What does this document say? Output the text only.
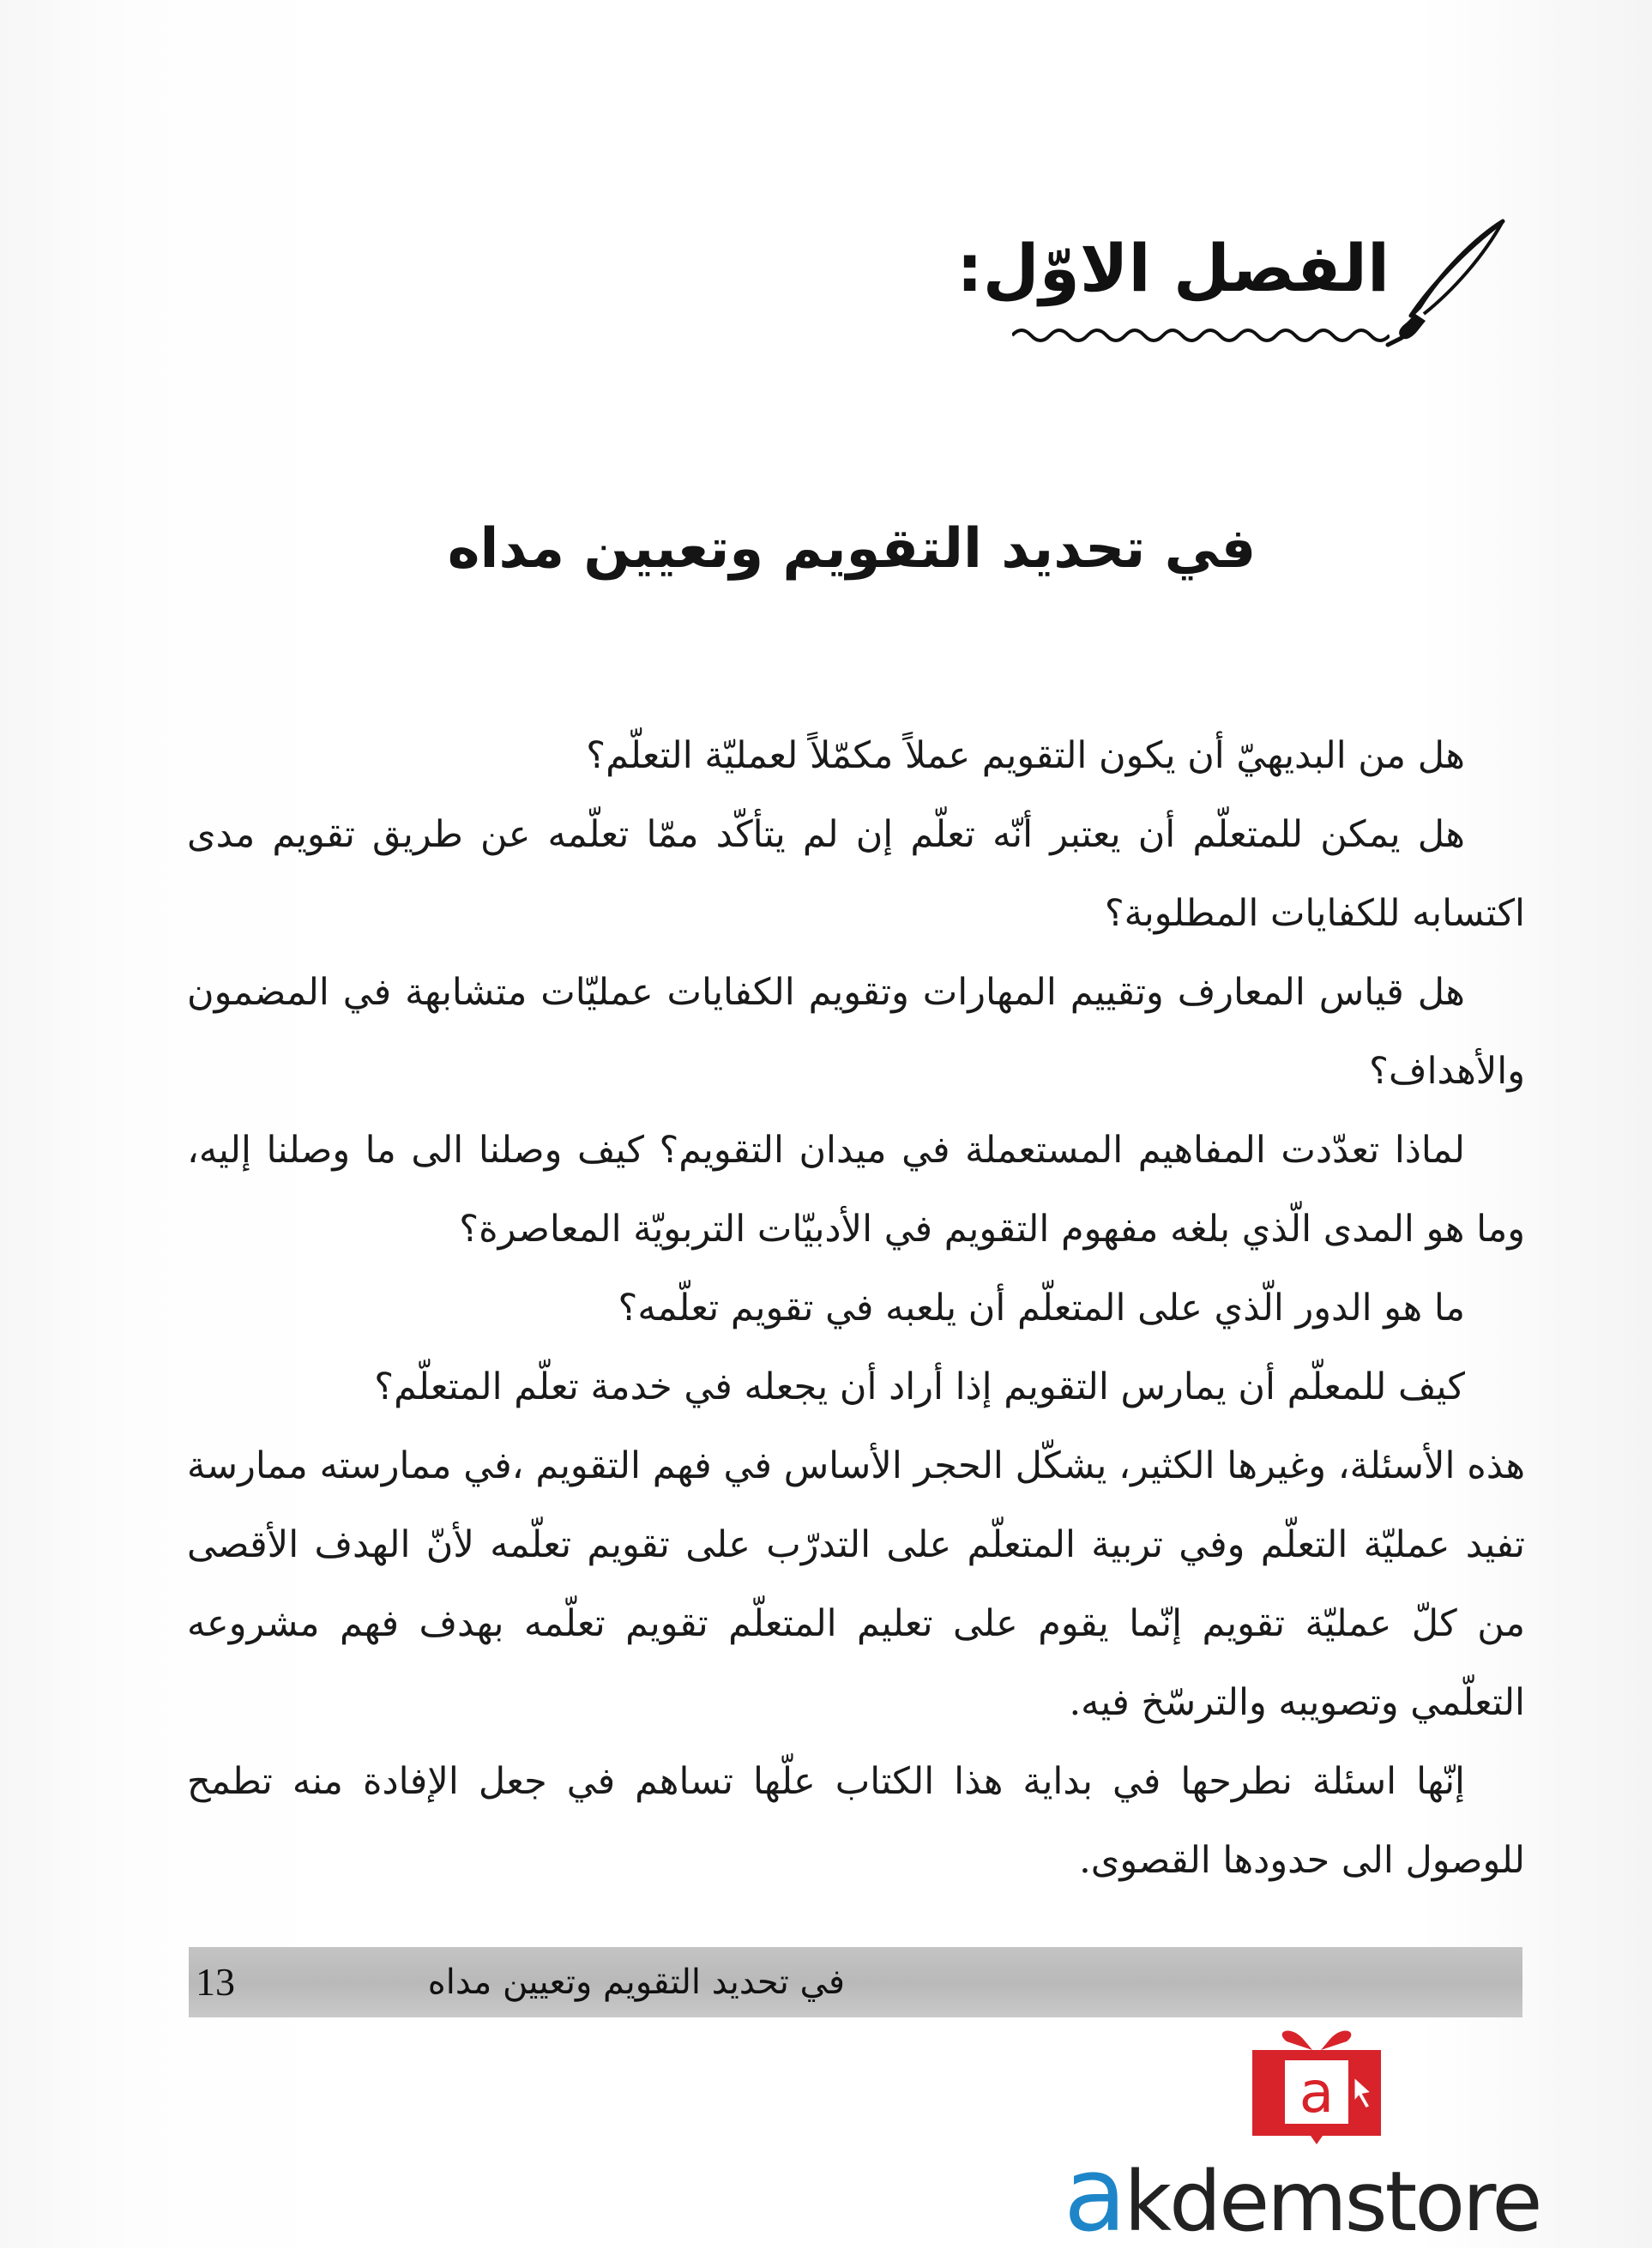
الفصل الاوّل:
في تحديد التقويم وتعيين مداه

هل من البديهيّ أن يكون التقويم عملاً مكمّلاً لعمليّة التعلّم؟

هل يمكن للمتعلّم أن يعتبر أنّه تعلّم إن لم يتأكّد ممّا تعلّمه عن طريق تقويم مدى اكتسابه للكفايات المطلوبة؟

هل قياس المعارف وتقييم المهارات وتقويم الكفايات عمليّات متشابهة في المضمون والأهداف؟

لماذا تعدّدت المفاهيم المستعملة في ميدان التقويم؟ كيف وصلنا الى ما وصلنا إليه، وما هو المدى الّذي بلغه مفهوم التقويم في الأدبيّات التربويّة المعاصرة؟

ما هو الدور الّذي على المتعلّم أن يلعبه في تقويم تعلّمه؟

كيف للمعلّم أن يمارس التقويم إذا أراد أن يجعله في خدمة تعلّم المتعلّم؟

هذه الأسئلة، وغيرها الكثير، يشكّل الحجر الأساس في فهم التقويم ،في ممارسته ممارسة تفيد عمليّة التعلّم وفي تربية المتعلّم على التدرّب على تقويم تعلّمه لأنّ الهدف الأقصى من كلّ عمليّة تقويم إنّما يقوم على تعليم المتعلّم تقويم تعلّمه بهدف فهم مشروعه التعلّمي وتصويبه والترسّخ فيه.

إنّها اسئلة نطرحها في بداية هذا الكتاب علّها تساهم في جعل الإفادة منه تطمح للوصول الى حدودها القصوى.

في تحديد التقويم وتعيين مداه
13
a
akdemstore
